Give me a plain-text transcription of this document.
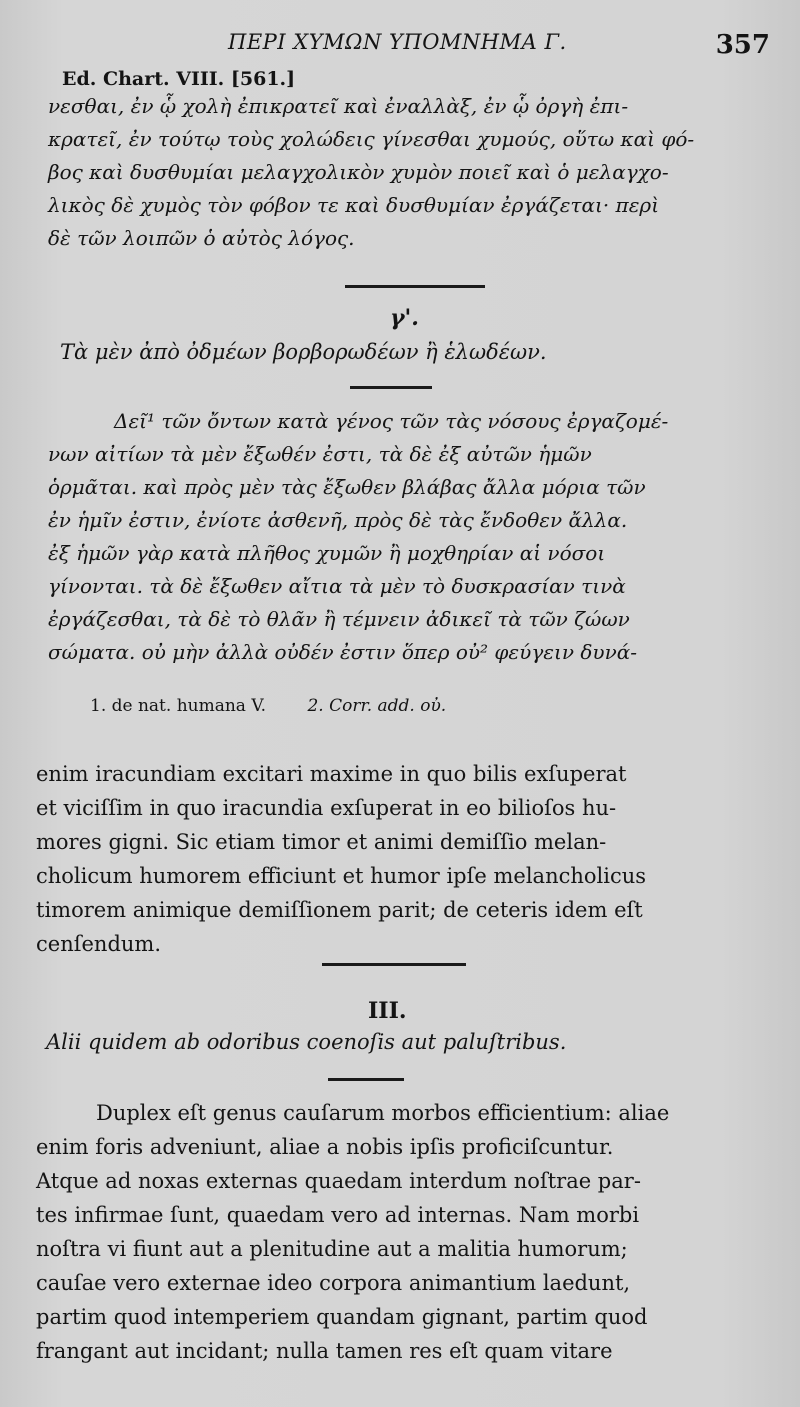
ΠΕΡΙ ΧΥΜΩΝ ΥΠΟΜΝΗΜΑ Γ.	357
Ed. Chart. VIII. [561.]
νεσθαι, ἐν ᾧ χολὴ ἐπικρατεῖ καὶ ἐναλλὰξ, ἐν ᾧ ὀργὴ ἐπι-
κρατεῖ, ἐν τούτῳ τοὺς χολώδεις γίνεσθαι χυμούς, οὕτω καὶ φό-
βος καὶ δυσθυμίαι μελαγχολικὸν χυμὸν ποιεῖ καὶ ὁ μελαγχο-
λικὸς δὲ χυμὸς τὸν φόβον τε καὶ δυσθυμίαν ἐργάζεται· περὶ
δὲ τῶν λοιπῶν ὁ αὐτὸς λόγος.
γ'.
Τὰ μὲν ἀπὸ ὀδμέων βορβορωδέων ἢ ἑλωδέων.
Δεῖ¹ τῶν ὄντων κατὰ γένος τῶν τὰς νόσους ἐργαζομέ-
νων αἰτίων τὰ μὲν ἔξωθέν ἐστι, τὰ δὲ ἐξ αὐτῶν ἡμῶν
ὁρμᾶται. καὶ πρὸς μὲν τὰς ἔξωθεν βλάβας ἄλλα μόρια τῶν
ἐν ἡμῖν ἐστιν, ἐνίοτε ἀσθενῆ, πρὸς δὲ τὰς ἔνδοθεν ἄλλα.
ἐξ ἡμῶν γὰρ κατὰ πλῆθος χυμῶν ἢ μοχθηρίαν αἱ νόσοι
γίνονται. τὰ δὲ ἔξωθεν αἴτια τὰ μὲν τὸ δυσκρασίαν τινὰ
ἐργάζεσθαι, τὰ δὲ τὸ θλᾶν ἢ τέμνειν ἀδικεῖ τὰ τῶν ζώων
σώματα. οὐ μὴν ἀλλὰ οὐδέν ἐστιν ὅπερ οὐ² φεύγειν δυνά-
1. de nat. humana V. 2. Corr. add. οὐ.
enim iracundiam excitari maxime in quo bilis exſuperat
et viciſſim in quo iracundia exſuperat in eo bilioſos hu-
mores gigni. Sic etiam timor et animi demiſſio melan-
cholicum humorem efficiunt et humor ipſe melancholicus
timorem animique demiſſionem parit; de ceteris idem eſt
cenſendum.
III.
Alii quidem ab odoribus coenoſis aut paluſtribus.
Duplex eſt genus cauſarum morbos efficientium: aliae
enim foris adveniunt, aliae a nobis ipſis proficiſcuntur.
Atque ad noxas externas quaedam interdum noſtrae par-
tes infirmae ſunt, quaedam vero ad internas. Nam morbi
noſtra vi fiunt aut a plenitudine aut a malitia humorum;
cauſae vero externae ideo corpora animantium laedunt,
partim quod intemperiem quandam gignant, partim quod
frangant aut incidant; nulla tamen res eſt quam vitare
